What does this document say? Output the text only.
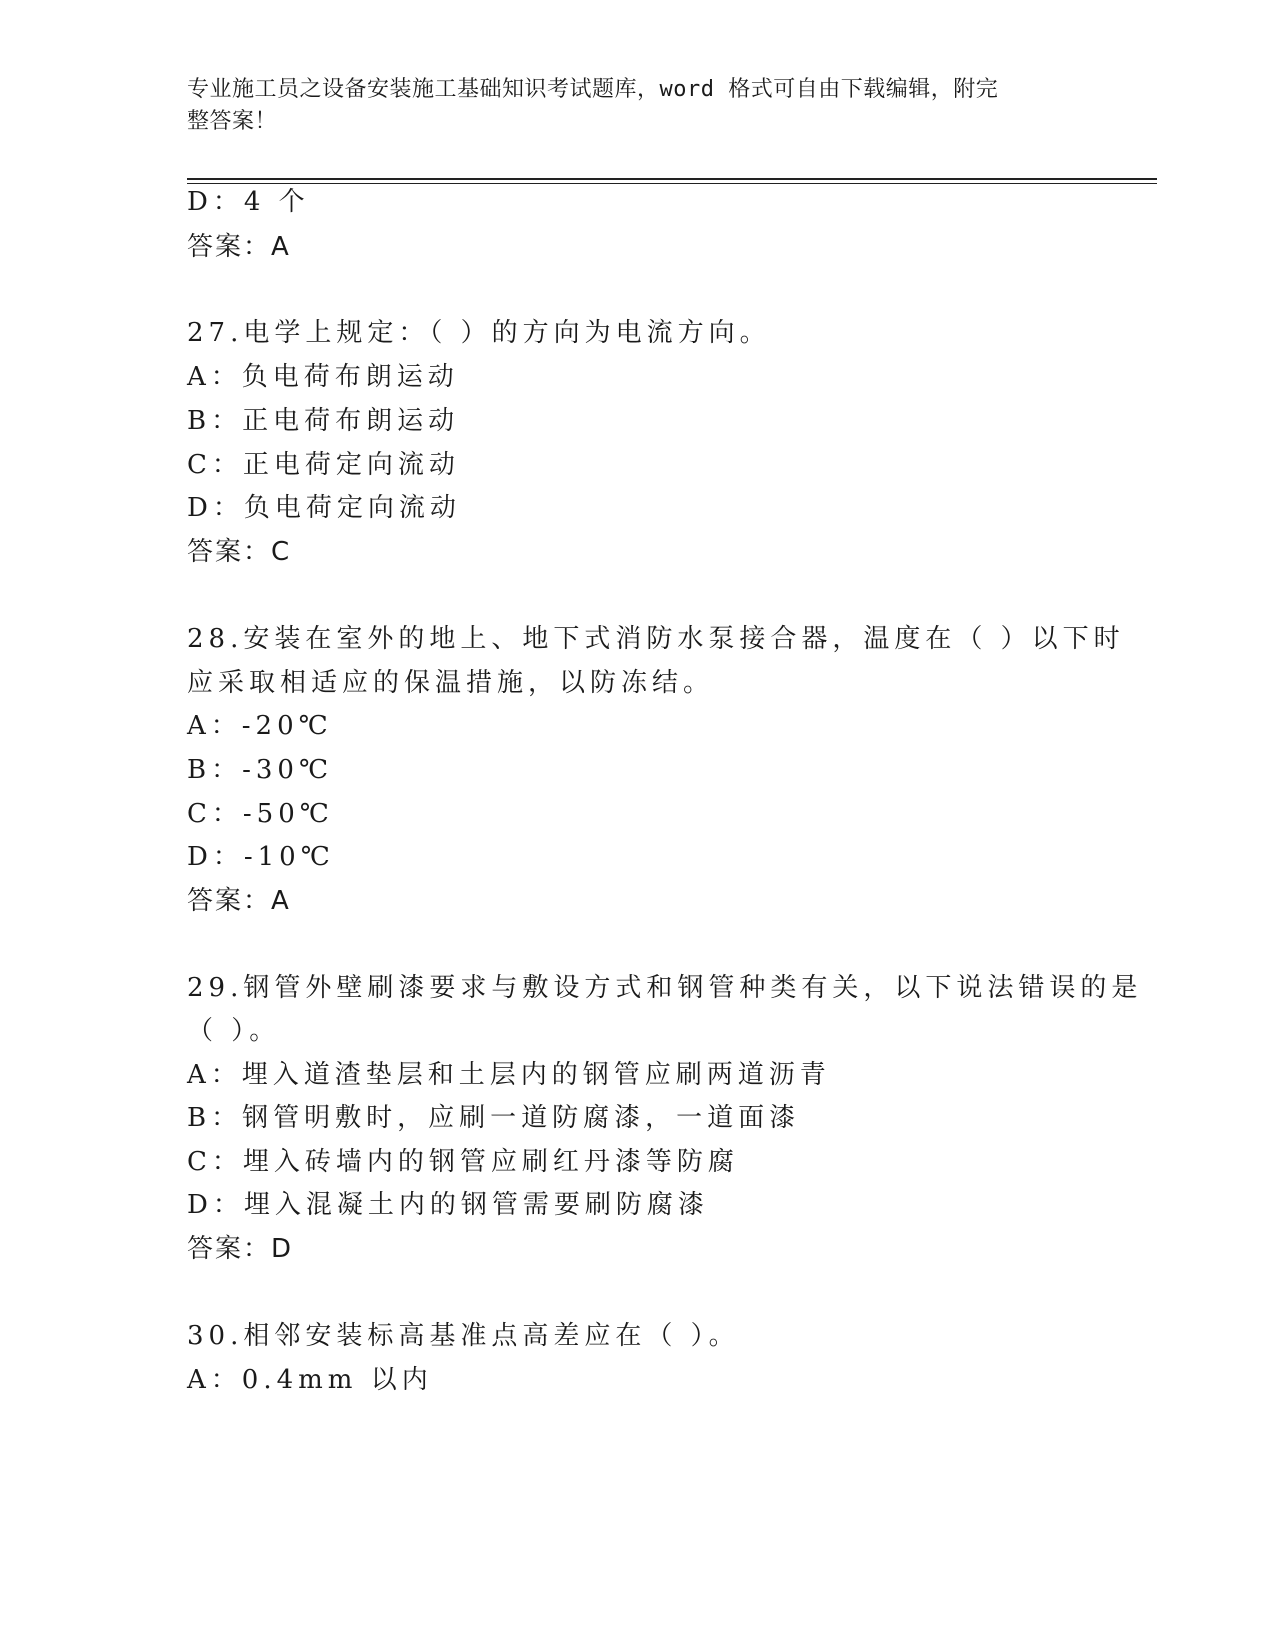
专业施工员之设备安装施工基础知识考试题库，word 格式可自由下载编辑，附完
整答案！
D：4 个
答案：A
27.电学上规定：（ ）的方向为电流方向。
A：负电荷布朗运动
B：正电荷布朗运动
C：正电荷定向流动
D：负电荷定向流动
答案：C
28.安装在室外的地上、地下式消防水泵接合器，温度在（ ）以下时
应采取相适应的保温措施，以防冻结。
A：-20℃
B：-30℃
C：-50℃
D：-10℃
答案：A
29.钢管外壁刷漆要求与敷设方式和钢管种类有关，以下说法错误的是
（ ）。
A：埋入道渣垫层和土层内的钢管应刷两道沥青
B：钢管明敷时，应刷一道防腐漆，一道面漆
C：埋入砖墙内的钢管应刷红丹漆等防腐
D：埋入混凝土内的钢管需要刷防腐漆
答案：D
30.相邻安装标高基准点高差应在（ ）。
A：0.4mm 以内
